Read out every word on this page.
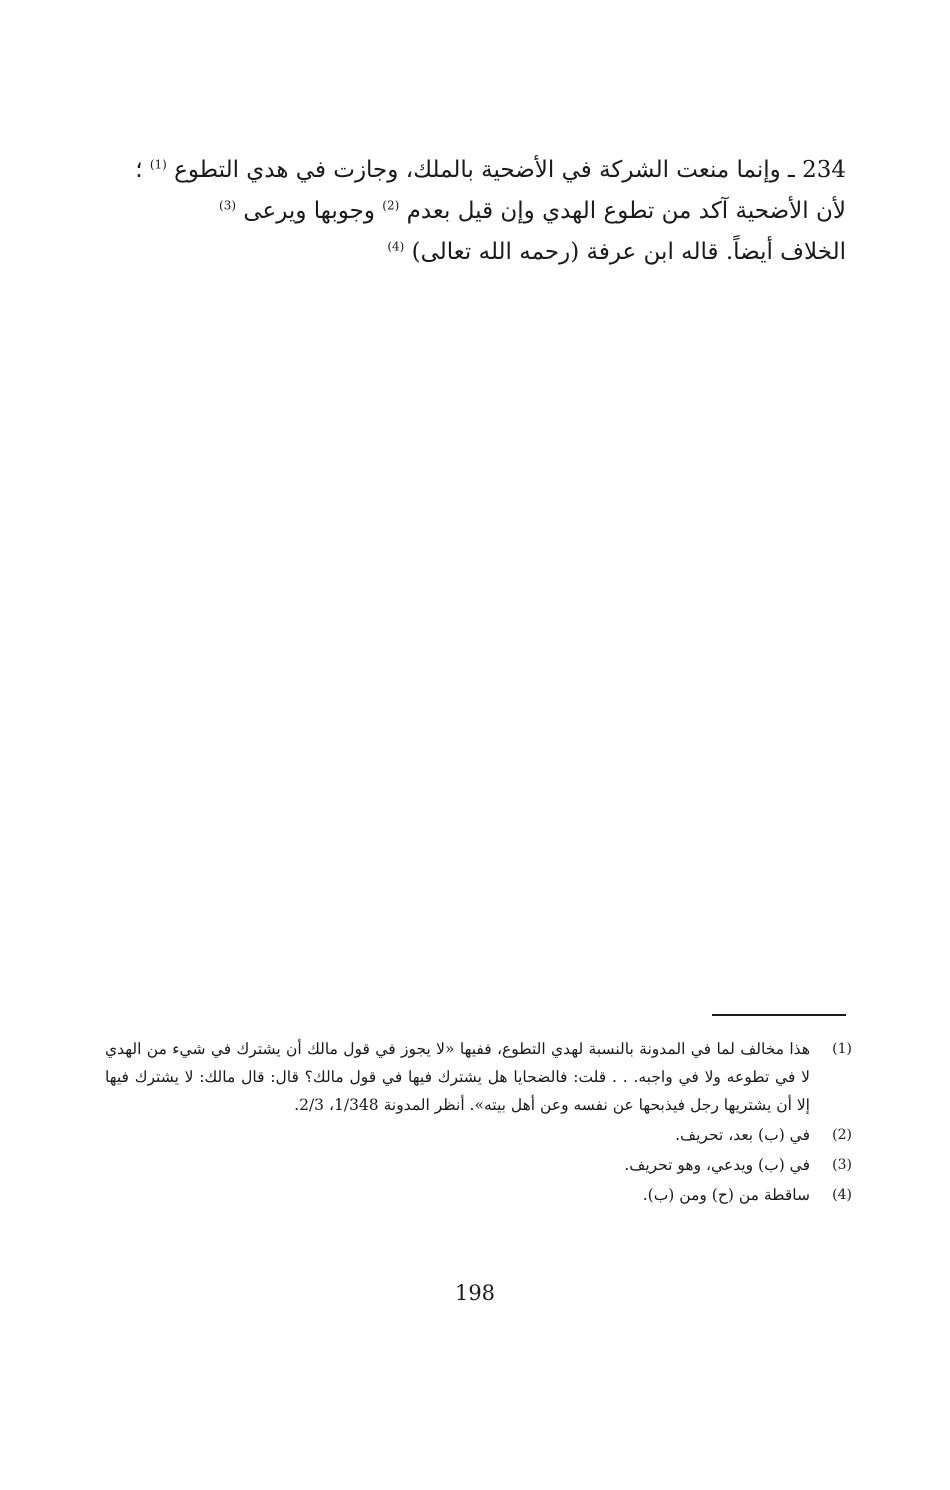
234 ـ وإنما منعت الشركة في الأضحية بالملك، وجازت في هدي التطوع $^{(1)}$ ؛
لأن الأضحية آكد من تطوع الهدي وإن قيل بعدم $^{(2)}$ وجوبها ويرعى $^{(3)}$
الخلاف أيضاً. قاله ابن عرفة (رحمه الله تعالى) $^{(4)}$
(1)
هذا مخالف لما في المدونة بالنسبة لهدي التطوع، ففيها «لا يجوز في قول مالك أن يشترك في شيء من الهدي لا في تطوعه ولا في واجبه. . . قلت: فالضحايا هل يشترك فيها في قول مالك؟ قال: قال مالك: لا يشترك فيها إلا أن يشتريها رجل فيذبحها عن نفسه وعن أهل بيته». أنظر المدونة 1/348، 2/3.
(2)
في (ب) بعد، تحريف.
(3)
في (ب) ويدعي، وهو تحريف.
(4)
ساقطة من (ح) ومن (ب).
198
